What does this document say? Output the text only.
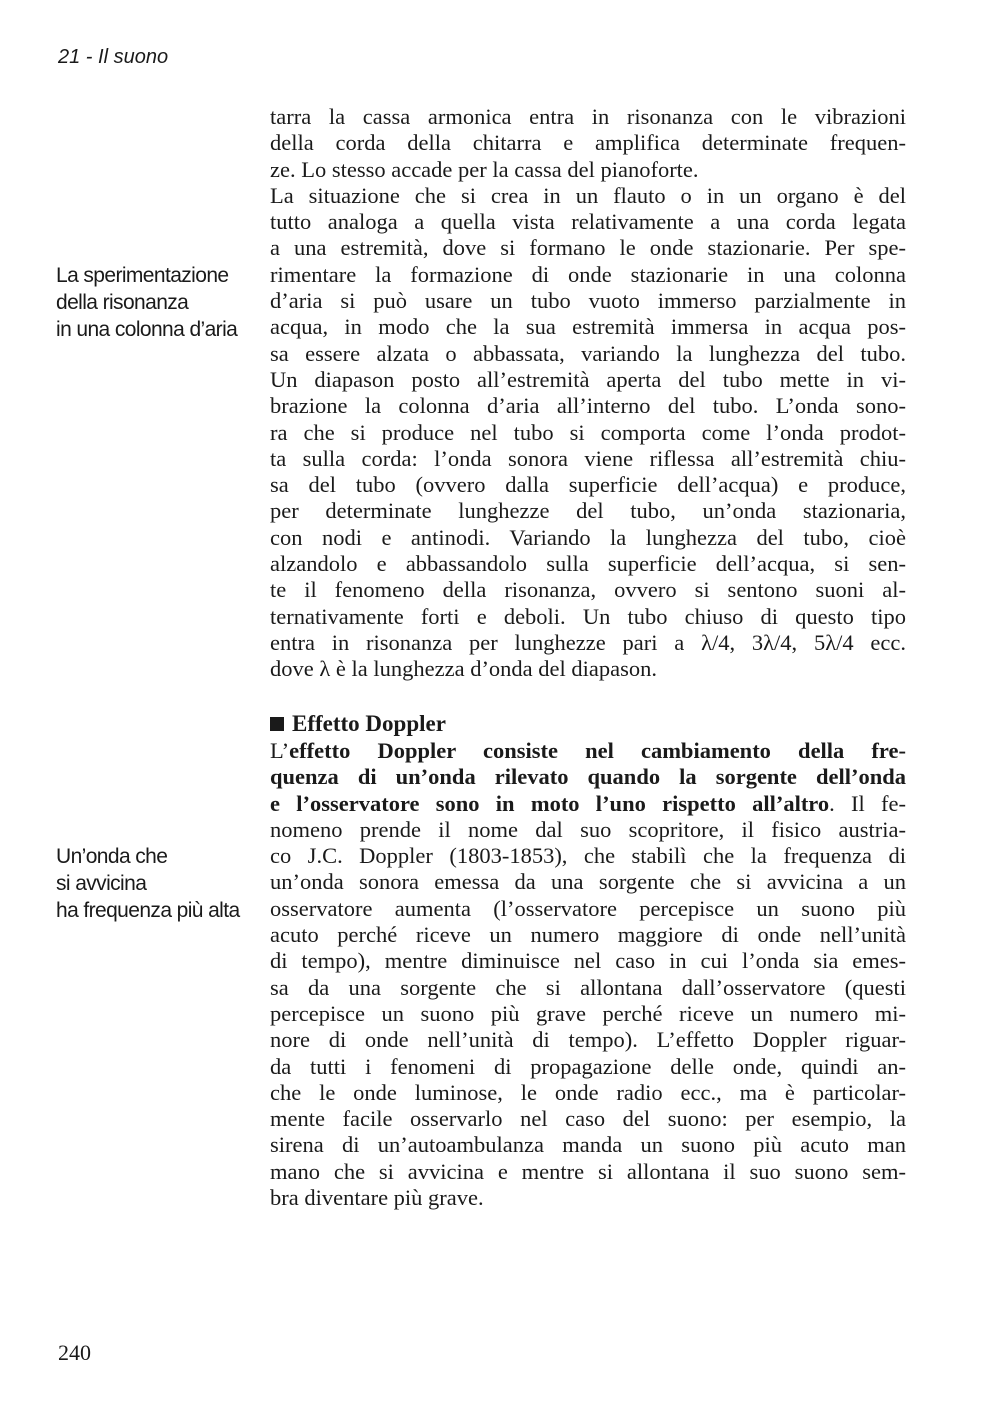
21 - Il suono
La sperimentazione
della risonanza
in una colonna d’aria
Un’onda che
si avvicina
ha frequenza più alta
tarra la cassa armonica entra in risonanza con le vibrazioni
della corda della chitarra e amplifica determinate frequen-
ze. Lo stesso accade per la cassa del pianoforte.
La situazione che si crea in un flauto o in un organo è del
tutto analoga a quella vista relativamente a una corda legata
a una estremità, dove si formano le onde stazionarie. Per spe-
rimentare la formazione di onde stazionarie in una colonna
d’aria si può usare un tubo vuoto immerso parzialmente in
acqua, in modo che la sua estremità immersa in acqua pos-
sa essere alzata o abbassata, variando la lunghezza del tubo.
Un diapason posto all’estremità aperta del tubo mette in vi-
brazione la colonna d’aria all’interno del tubo. L’onda sono-
ra che si produce nel tubo si comporta come l’onda prodot-
ta sulla corda: l’onda sonora viene riflessa all’estremità chiu-
sa del tubo (ovvero dalla superficie dell’acqua) e produce,
per determinate lunghezze del tubo, un’onda stazionaria,
con nodi e antinodi. Variando la lunghezza del tubo, cioè
alzandolo e abbassandolo sulla superficie dell’acqua, si sen-
te il fenomeno della risonanza, ovvero si sentono suoni al-
ternativamente forti e deboli. Un tubo chiuso di questo tipo
entra in risonanza per lunghezze pari a λ/4, 3λ/4, 5λ/4 ecc.
dove λ è la lunghezza d’onda del diapason.
Effetto Doppler
L’effetto Doppler consiste nel cambiamento della fre-
quenza di un’onda rilevato quando la sorgente dell’onda
e l’osservatore sono in moto l’uno rispetto all’altro. Il fe-
nomeno prende il nome dal suo scopritore, il fisico austria-
co J.C. Doppler (1803-1853), che stabilì che la frequenza di
un’onda sonora emessa da una sorgente che si avvicina a un
osservatore aumenta (l’osservatore percepisce un suono più
acuto perché riceve un numero maggiore di onde nell’unità
di tempo), mentre diminuisce nel caso in cui l’onda sia emes-
sa da una sorgente che si allontana dall’osservatore (questi
percepisce un suono più grave perché riceve un numero mi-
nore di onde nell’unità di tempo). L’effetto Doppler riguar-
da tutti i fenomeni di propagazione delle onde, quindi an-
che le onde luminose, le onde radio ecc., ma è particolar-
mente facile osservarlo nel caso del suono: per esempio, la
sirena di un’autoambulanza manda un suono più acuto man
mano che si avvicina e mentre si allontana il suo suono sem-
bra diventare più grave.
240
